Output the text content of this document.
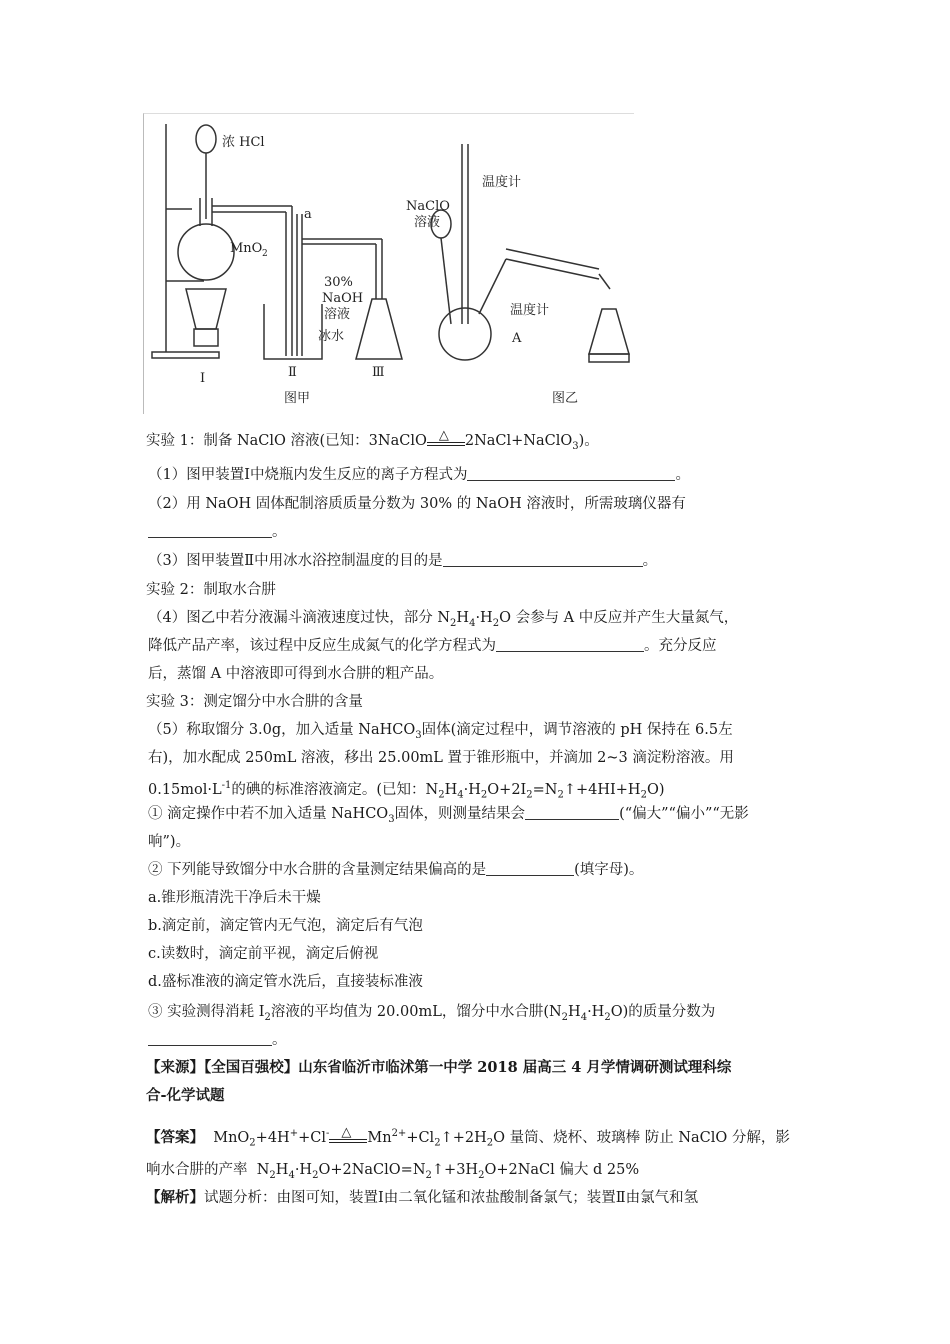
浓 HCl
MnO 2
a
30%
NaOH
溶液
冰水
Ⅰ	Ⅱ	Ⅲ
图甲
NaClO
溶液
温度计
温度计
A
图乙
实验 1：制备 NaClO 溶液(已知：3NaClO △ 2NaCl+NaClO$_3$)。
（1）图甲装置Ⅰ中烧瓶内发生反应的离子方程式为	。
（2）用 NaOH 固体配制溶质质量分数为 30% 的 NaOH 溶液时，所需玻璃仪器有
。
（3）图甲装置Ⅱ中用冰水浴控制温度的目的是	。
实验 2：制取水合肼
（4）图乙中若分液漏斗滴液速度过快，部分 $N_2H_4\cdot H_2O$ 会参与 A 中反应并产生大量氮气，
降低产品产率，该过程中反应生成氮气的化学方程式为	。充分反应
后，蒸馏 A 中溶液即可得到水合肼的粗产品。
实验 3：测定馏分中水合肼的含量
（5）称取馏分 3.0g，加入适量 NaHCO$_3$固体(滴定过程中，调节溶液的 pH 保持在 6.5左
右)，加水配成 250mL 溶液，移出 25.00mL 置于锥形瓶中，并滴加 2~3 滴淀粉溶液。用
$0.15mol\cdot L^{-1}$的碘的标准溶液滴定。(已知：$N_2H_4\cdot H_2O+2I_2=N_2↑+4HI+H_2O$)
① 滴定操作中若不加入适量 NaHCO$_3$固体，则测量结果会	(“偏大”“偏小”“无影
响”)。
② 下列能导致馏分中水合肼的含量测定结果偏高的是	(填字母)。
a.锥形瓶清洗干净后未干燥
b.滴定前，滴定管内无气泡，滴定后有气泡
c.读数时，滴定前平视，滴定后俯视
d.盛标准液的滴定管水洗后，直接装标准液
③ 实验测得消耗 $I_2$溶液的平均值为 20.00mL，馏分中水合肼$(N_2H_4\cdot H_2O)$的质量分数为
。
【来源】【全国百强校】山东省临沂市临沭第一中学 2018 届高三 4 月学情调研测试理科综
合-化学试题
【答案】 MnO$_2$+4H++Cl- △ $Mn^{2+}+Cl_2↑+2H_2O$ 量筒、烧杯、玻璃棒 防止 NaClO 分解，影
响水合肼的产率  $N_2H_4\cdot H_2O+2NaClO=N_2↑+3H_2O+2NaCl$ 偏大 d 25%
【解析】试题分析：由图可知，装置Ⅰ由二氧化锰和浓盐酸制备氯气；装置Ⅱ由氯气和氢
